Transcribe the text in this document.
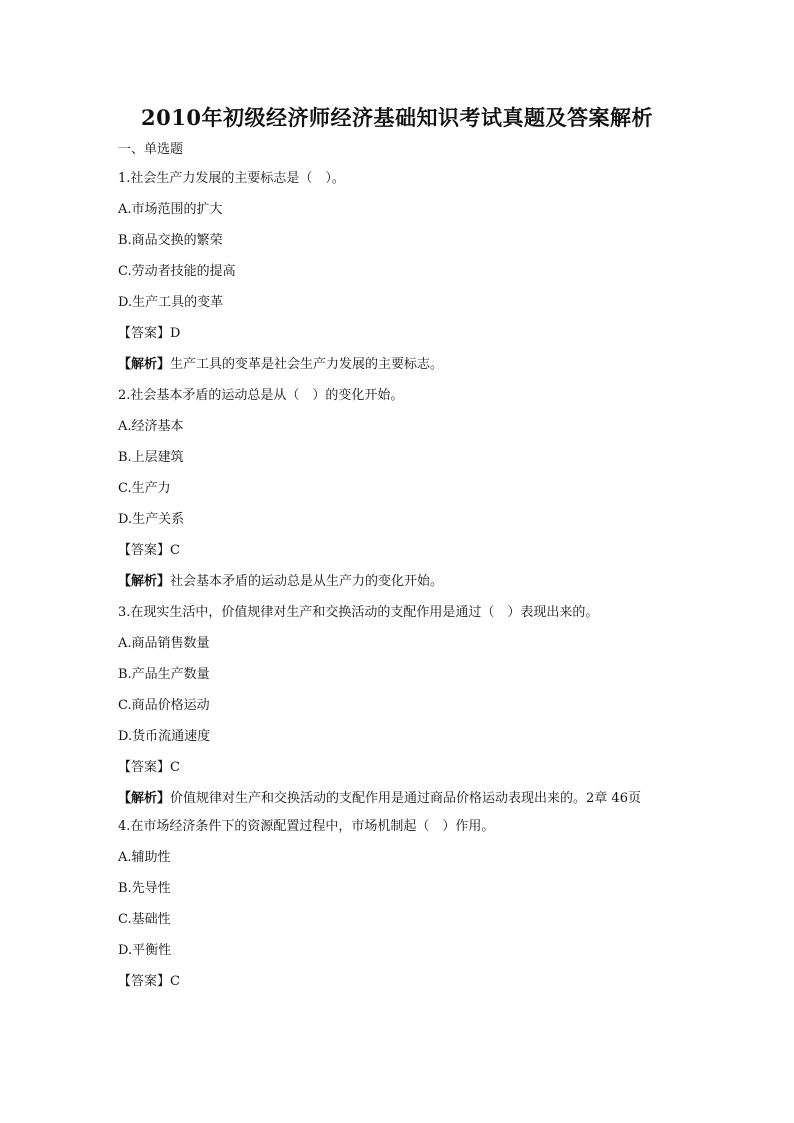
2010年初级经济师经济基础知识考试真题及答案解析
一、单选题
1.社会生产力发展的主要标志是（　）。
A.市场范围的扩大
B.商品交换的繁荣
C.劳动者技能的提高
D.生产工具的变革
【答案】D
【解析】生产工具的变革是社会生产力发展的主要标志。
2.社会基本矛盾的运动总是从（　）的变化开始。
A.经济基本
B.上层建筑
C.生产力
D.生产关系
【答案】C
【解析】社会基本矛盾的运动总是从生产力的变化开始。
3.在现实生活中，价值规律对生产和交换活动的支配作用是通过（　）表现出来的。
A.商品销售数量
B.产品生产数量
C.商品价格运动
D.货币流通速度
【答案】C
【解析】价值规律对生产和交换活动的支配作用是通过商品价格运动表现出来的。2章 46页
4.在市场经济条件下的资源配置过程中，市场机制起（　）作用。
A.辅助性
B.先导性
C.基础性
D.平衡性
【答案】C
